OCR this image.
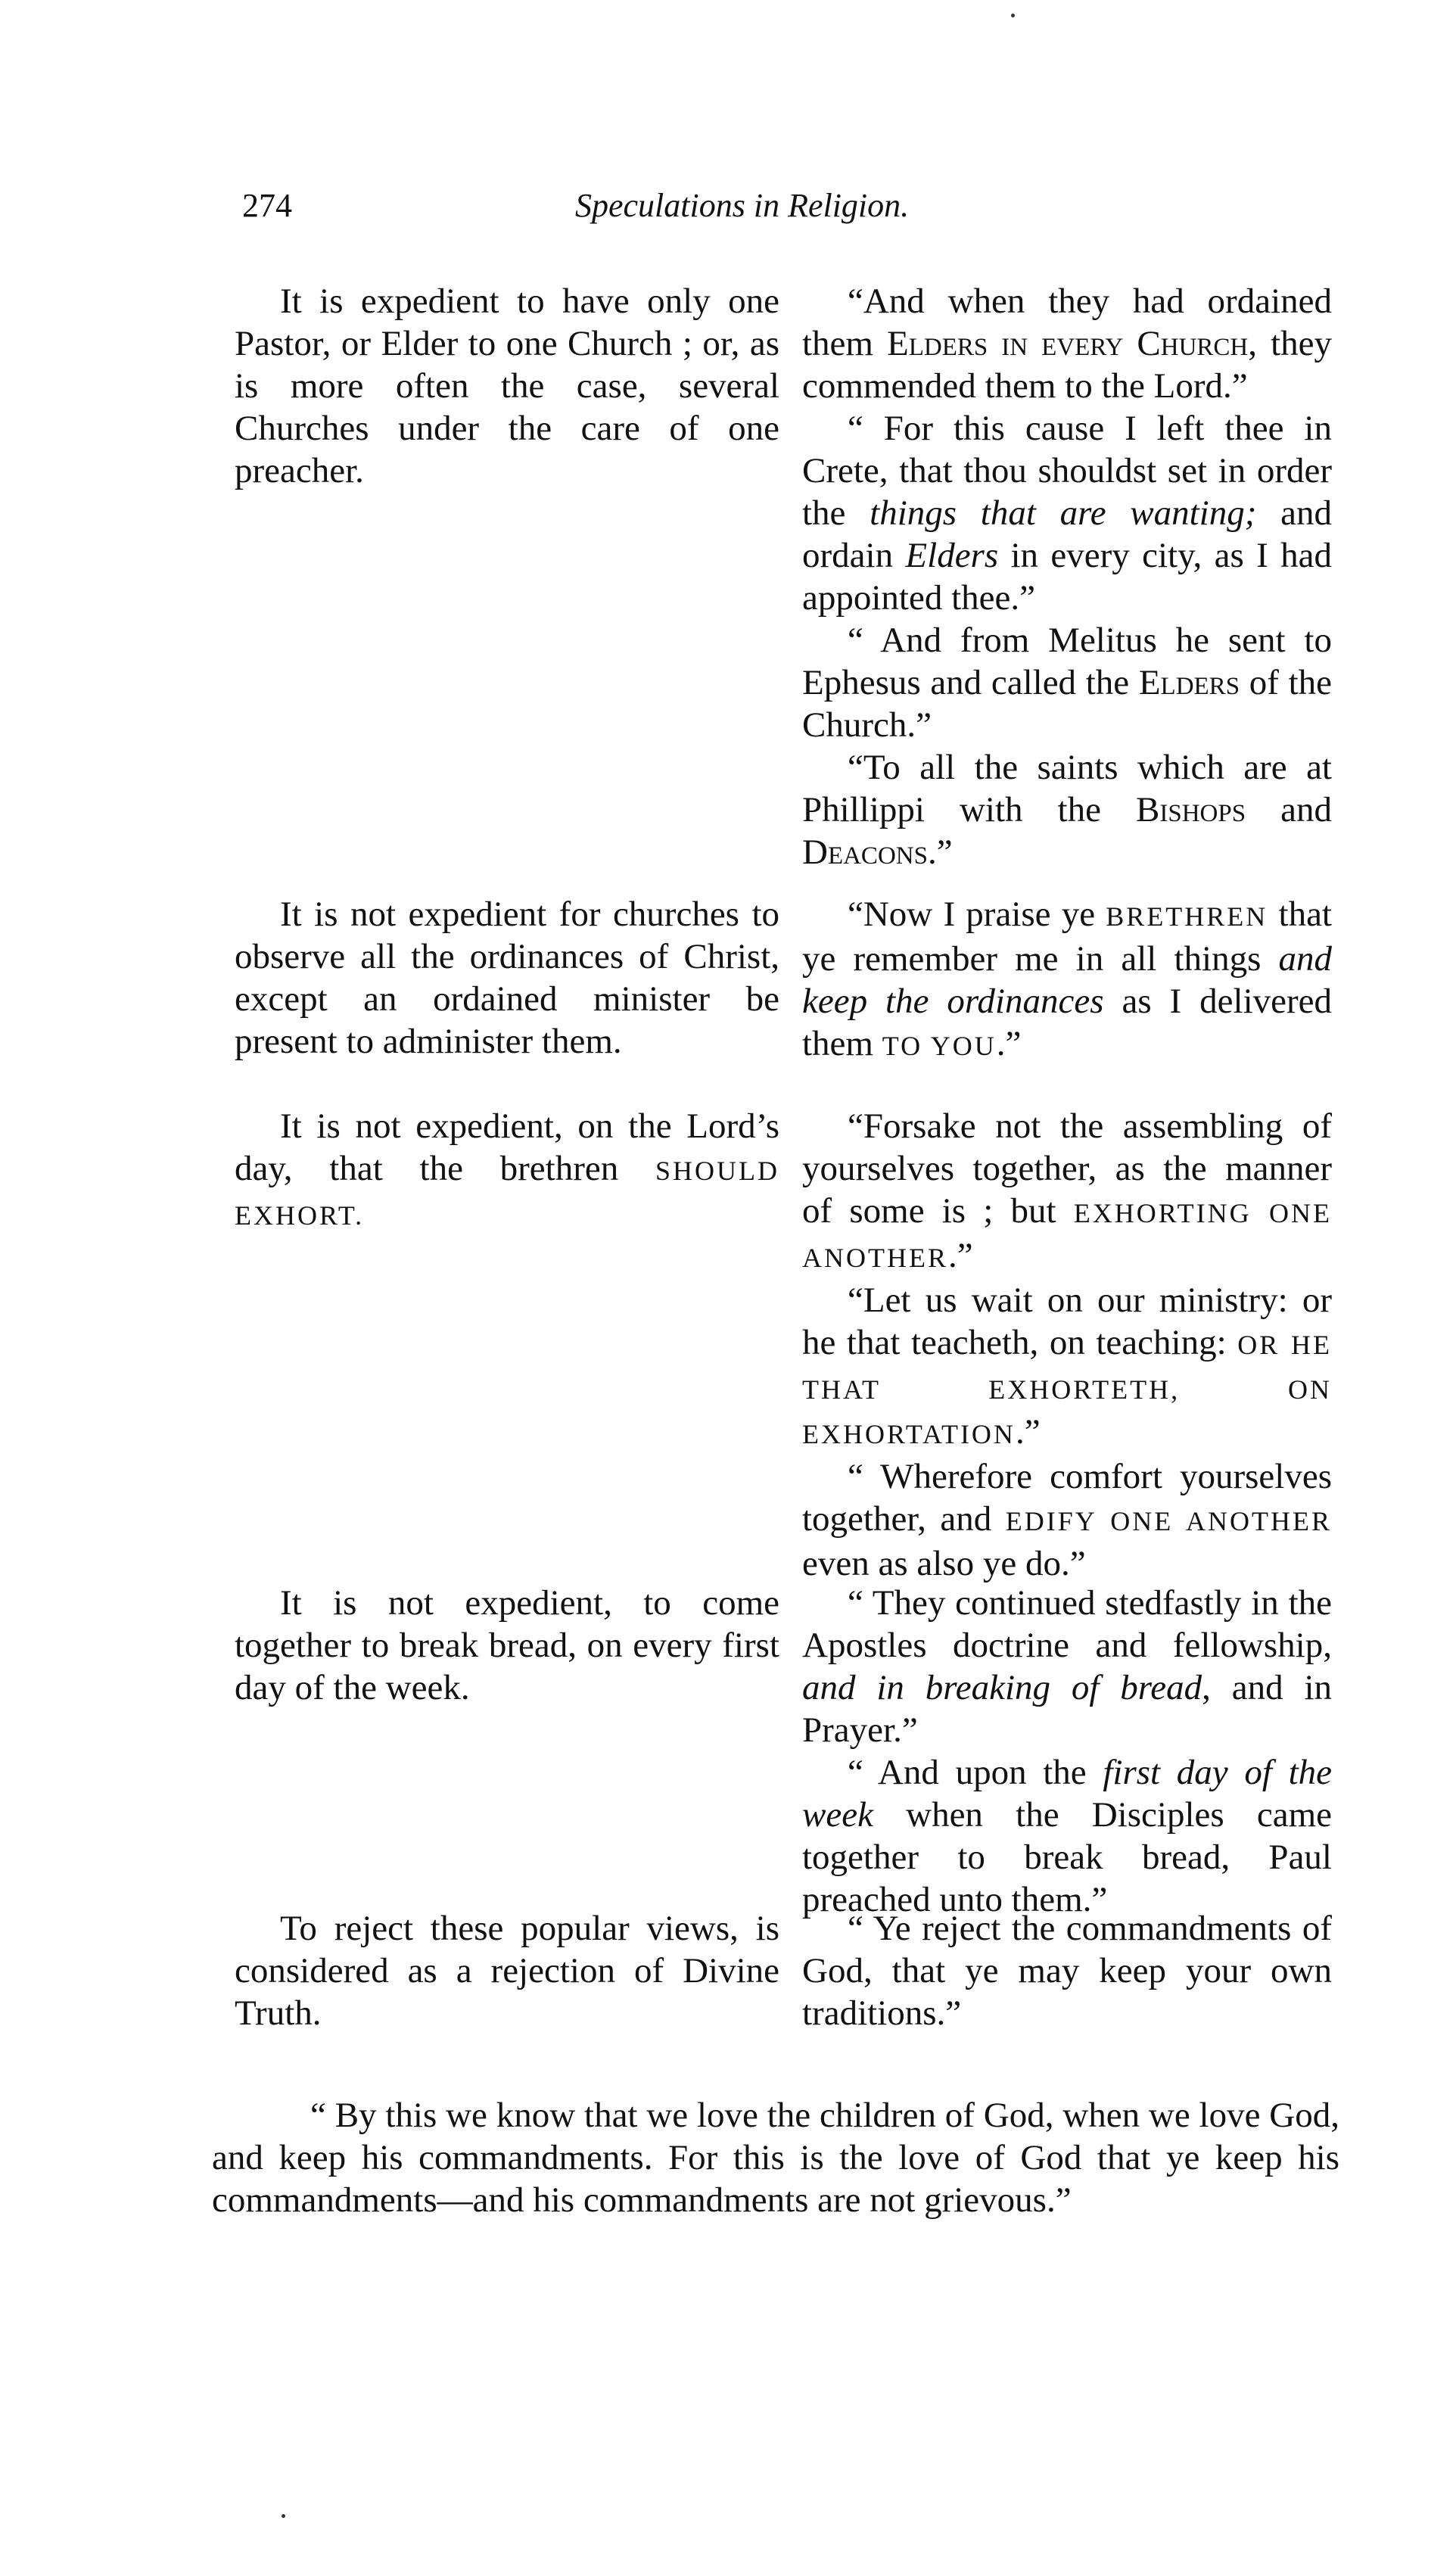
274	Speculations in Religion.

It is expedient to have only one Pastor, or Elder to one Church ; or, as is more often the case, several Churches under the care of one preacher.

It is not expedient for churches to observe all the ordinances of Christ, except an ordained minister be present to administer them.

It is not expedient, on the Lord’s day, that the brethren SHOULD EXHORT.

It is not expedient, to come together to break bread, on every first day of the week.

To reject these popular views, is considered as a rejection of Divine Truth.

“And when they had ordained them Elders in every Church, they commended them to the Lord.”

“ For this cause I left thee in Crete, that thou shouldst set in order the things that are wanting; and ordain Elders in every city, as I had appointed thee.”

“ And from Melitus he sent to Ephesus and called the Elders of the Church.”

“To all the saints which are at Phillippi with the Bishops and Deacons.”

“Now I praise ye BRETHREN that ye remember me in all things and keep the ordinances as I delivered them TO YOU.”

“Forsake not the assembling of yourselves together, as the manner of some is ; but EXHORTING ONE ANOTHER.”

“Let us wait on our ministry: or he that teacheth, on teaching: OR HE THAT EXHORTETH, ON EXHORTATION.”

“ Wherefore comfort yourselves together, and EDIFY ONE ANOTHER even as also ye do.”

“ They continued stedfastly in the Apostles doctrine and fellowship, and in breaking of bread, and in Prayer.”

“ And upon the first day of the week when the Disciples came together to break bread, Paul preached unto them.”

“ Ye reject the commandments of God, that ye may keep your own traditions.”

“ By this we know that we love the children of God, when we love God, and keep his commandments. For this is the love of God that ye keep his commandments—and his commandments are not grievous.”
